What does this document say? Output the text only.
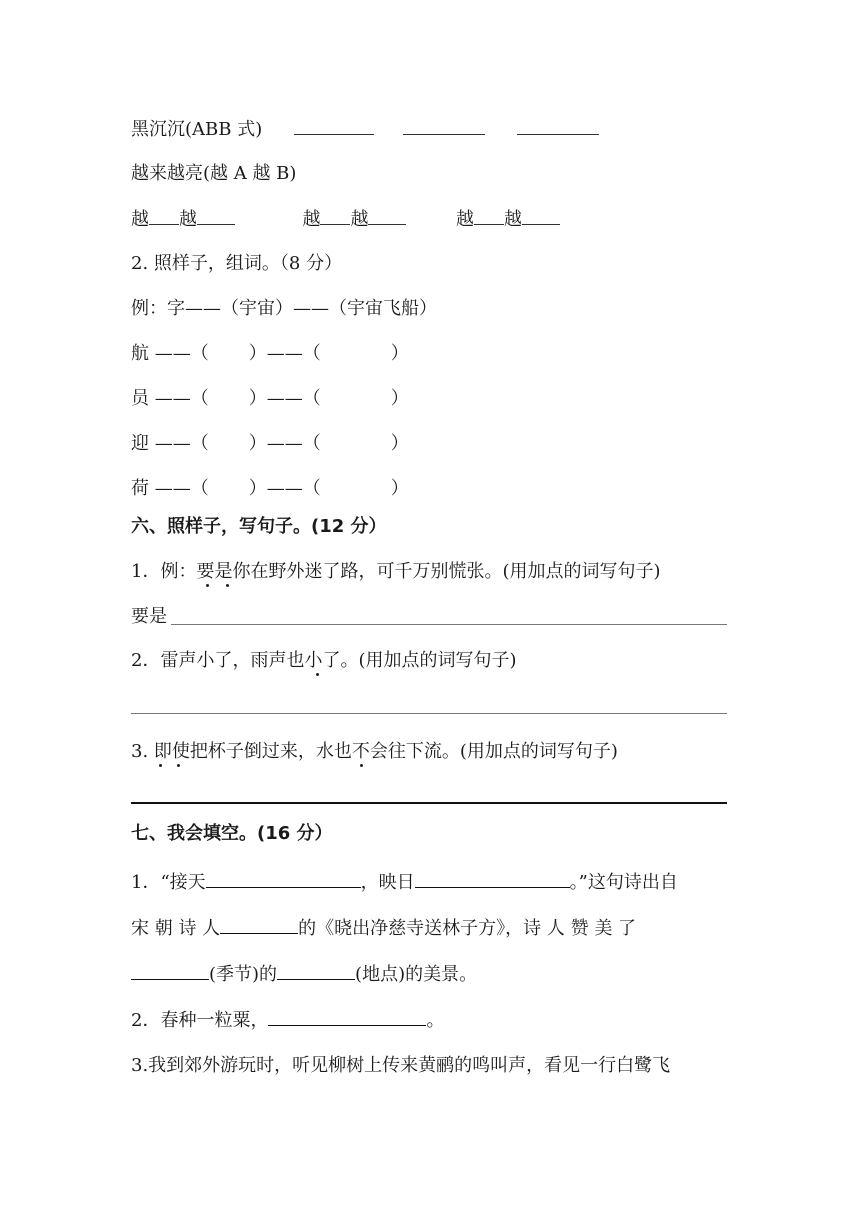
黑沉沉(ABB 式)
越来越亮(越 A 越 B)
越 越	越 越	越 越
2. 照样子，组词。（8 分）
例：字——（宇宙）——（宇宙飞船）
航 ——（ ）——（	）
员 ——（ ）——（	）
迎 ——（ ）——（	）
荷 ——（ ）——（	）
六、照样子，写句子。(12 分）
1．例：要是你在野外迷了路，可千万别慌张。(用加点的词写句子)
要是
2．雷声小了，雨声也小了。(用加点的词写句子)
3. 即使把杯子倒过来，水也不会往下流。(用加点的词写句子)
七、我会填空。(16 分）
1．“接天	，映日	。”这句诗出自
宋 朝 诗 人	的《晓出净慈寺送林子方》，诗 人 赞 美 了
(季节)的	(地点)的美景。
2．春种一粒粟，	。
3.我到郊外游玩时，听见柳树上传来黄鹂的鸣叫声，看见一行白鹭飞
